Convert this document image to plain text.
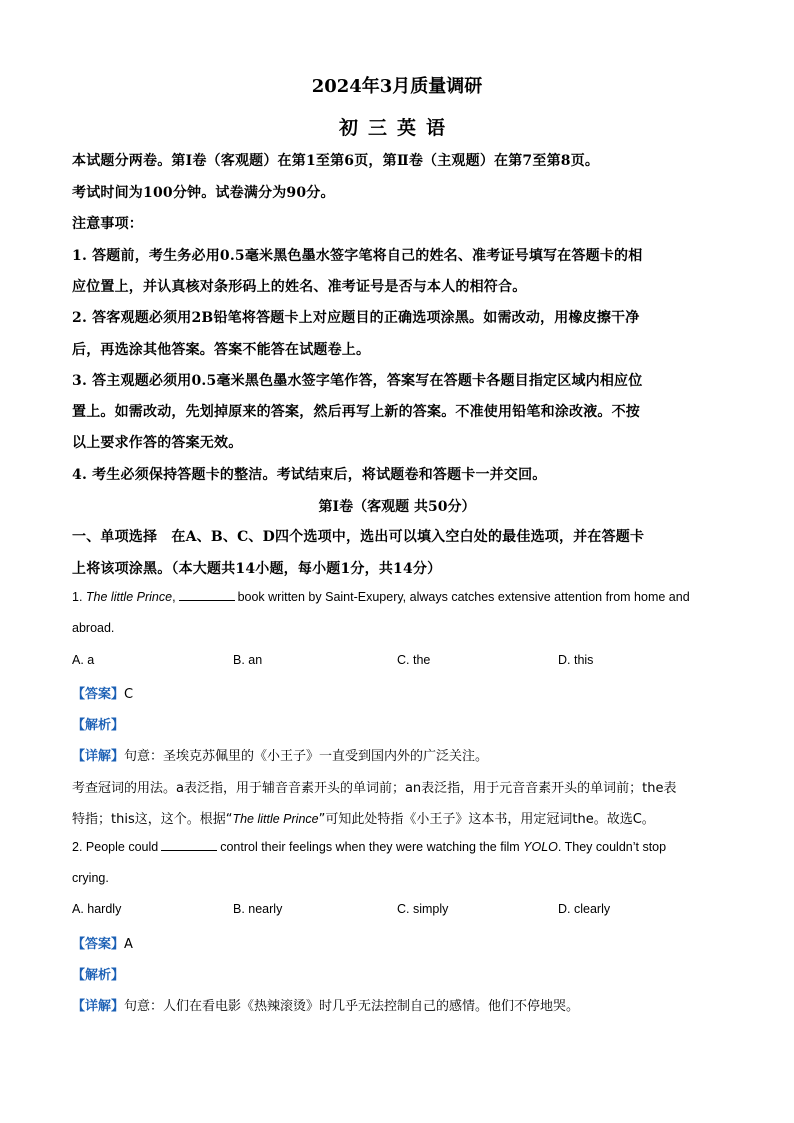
2024年3月质量调研
初三英语
本试题分两卷。第Ⅰ卷（客观题）在第1至第6页，第Ⅱ卷（主观题）在第7至第8页。
考试时间为100分钟。试卷满分为90分。
注意事项：
1. 答题前，考生务必用0.5毫米黑色墨水签字笔将自己的姓名、准考证号填写在答题卡的相
应位置上，并认真核对条形码上的姓名、准考证号是否与本人的相符合。
2. 答客观题必须用2B铅笔将答题卡上对应题目的正确选项涂黑。如需改动，用橡皮擦干净
后，再选涂其他答案。答案不能答在试题卷上。
3. 答主观题必须用0.5毫米黑色墨水签字笔作答，答案写在答题卡各题目指定区域内相应位
置上。如需改动，先划掉原来的答案，然后再写上新的答案。不准使用铅笔和涂改液。不按
以上要求作答的答案无效。
4. 考生必须保持答题卡的整洁。考试结束后，将试题卷和答题卡一并交回。
第Ⅰ卷（客观题 共50分）
一、单项选择　在A、B、C、D四个选项中，选出可以填入空白处的最佳选项，并在答题卡
上将该项涂黑。（本大题共14小题，每小题1分，共14分）
1. The little Prince,	book written by Saint-Exupery, always catches extensive attention from home and
abroad.
A. a	B. an	C. the	D. this
【答案】C
【解析】
【详解】句意：圣埃克苏佩里的《小王子》一直受到国内外的广泛关注。
考查冠词的用法。a表泛指，用于辅音音素开头的单词前；an表泛指，用于元音音素开头的单词前；the表
特指；this这，这个。根据“The little Prince”可知此处特指《小王子》这本书，用定冠词the。故选C。
2. People could	control their feelings when they were watching the film YOLO. They couldn’t stop
crying.
A. hardly	B. nearly	C. simply	D. clearly
【答案】A
【解析】
【详解】句意：人们在看电影《热辣滚烫》时几乎无法控制自己的感情。他们不停地哭。
